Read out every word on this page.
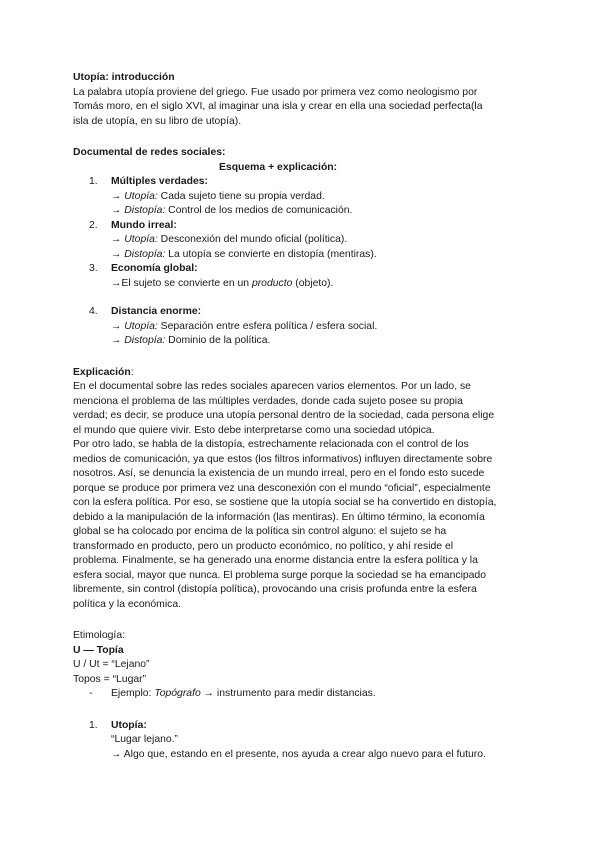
Utopía: introducción

La palabra utopía proviene del griego. Fue usado por primera vez como neologismo por

Tomás moro, en el siglo XVI, al imaginar una isla y crear en ella una sociedad perfecta(la

isla de utopía, en su libro de utopía).

Documental de redes sociales:

Esquema + explicación:

1.	Múltiples verdades:

→ Utopía: Cada sujeto tiene su propia verdad.

→ Distopía: Control de los medios de comunicación.

2.	Mundo irreal:

→ Utopía: Desconexión del mundo oficial (política).

→ Distopía: La utopía se convierte en distopía (mentiras).

3.	Economía global:

→El sujeto se convierte en un producto (objeto).

4.	Distancia enorme:

→ Utopía: Separación entre esfera política / esfera social.

→ Distopía: Dominio de la política.

Explicación:

En el documental sobre las redes sociales aparecen varios elementos. Por un lado, se

menciona el problema de las múltiples verdades, donde cada sujeto posee su propia

verdad; es decir, se produce una utopía personal dentro de la sociedad, cada persona elige

el mundo que quiere vivir. Esto debe interpretarse como una sociedad utópica.

Por otro lado, se habla de la distopía, estrechamente relacionada con el control de los

medios de comunicación, ya que estos (los filtros informativos) influyen directamente sobre

nosotros. Así, se denuncia la existencia de un mundo irreal, pero en el fondo esto sucede

porque se produce por primera vez una desconexión con el mundo “oficial”, especialmente

con la esfera política. Por eso, se sostiene que la utopía social se ha convertido en distopía,

debido a la manipulación de la información (las mentiras). En último término, la economía

global se ha colocado por encima de la política sin control alguno: el sujeto se ha

transformado en producto, pero un producto económico, no político, y ahí reside el

problema. Finalmente, se ha generado una enorme distancia entre la esfera política y la

esfera social, mayor que nunca. El problema surge porque la sociedad se ha emancipado

libremente, sin control (distopía política), provocando una crisis profunda entre la esfera

política y la económica.

Etimología:

U — Topía

U / Ut = “Lejano”

Topos = “Lugar”

-	Ejemplo: Topógrafo → instrumento para medir distancias.
1.	Utopía:

“Lugar lejano.”

→ Algo que, estando en el presente, nos ayuda a crear algo nuevo para el futuro.
